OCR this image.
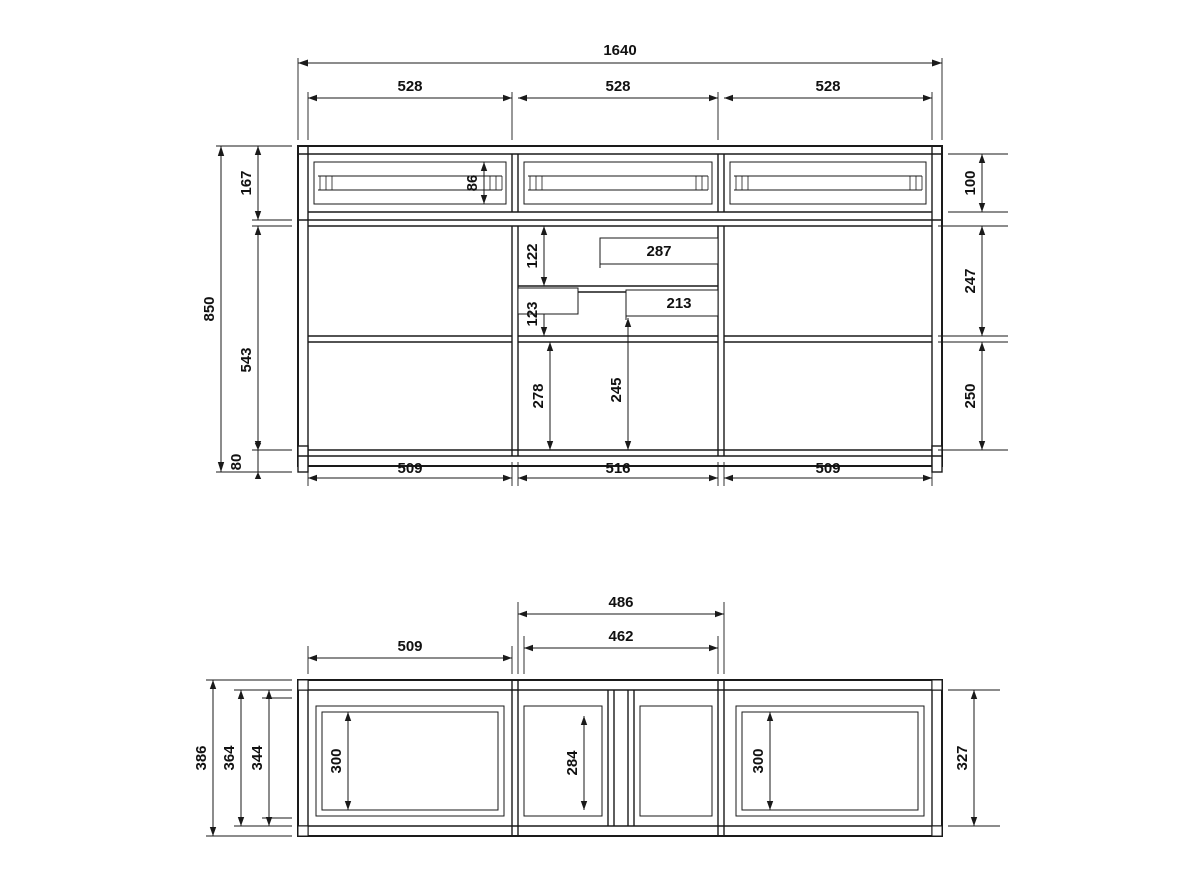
1640
528	528	528
850
167
543
80
86	100
247
250
122	287
123	213
278	245
509	516	509
509
486
462
386 364 344	300	284	300	327
